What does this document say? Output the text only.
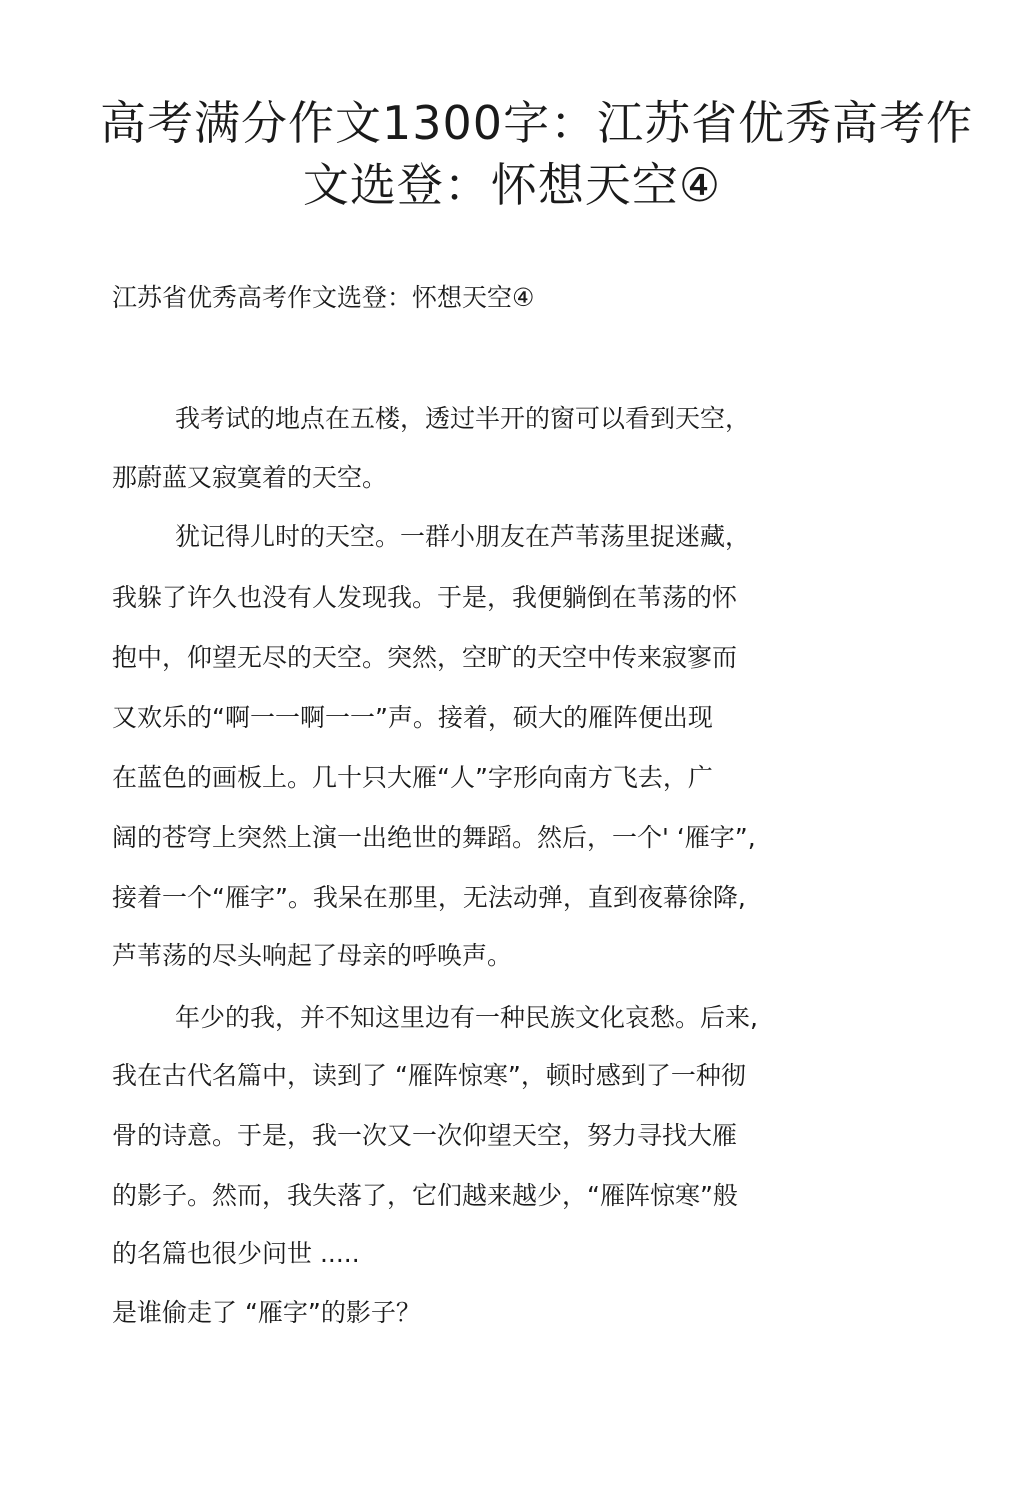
高考满分作文1300字：江苏省优秀高考作
文选登：怀想天空④

江苏省优秀高考作文选登：怀想天空④

我考试的地点在五楼，透过半开的窗可以看到天空，

那蔚蓝又寂寞着的天空。

犹记得儿时的天空。一群小朋友在芦苇荡里捉迷藏，

我躲了许久也没有人发现我。于是，我便躺倒在苇荡的怀

抱中，仰望无尽的天空。突然，空旷的天空中传来寂寥而

又欢乐的“啊一一啊一一”声。接着，硕大的雁阵便出现

在蓝色的画板上。几十只大雁“人”字形向南方飞去，广

阔的苍穹上突然上演一出绝世的舞蹈。然后，一个' ‘雁字”,

接着一个“雁字”。我呆在那里，无法动弹，直到夜幕徐降,

芦苇荡的尽头响起了母亲的呼唤声。

年少的我，并不知这里边有一种民族文化哀愁。后来,

我在古代名篇中，读到了 “雁阵惊寒”，顿时感到了一种彻

骨的诗意。于是，我一次又一次仰望天空，努力寻找大雁

的影子。然而，我失落了，它们越来越少，“雁阵惊寒”般

的名篇也很少问世 .....

是谁偷走了 “雁字”的影子？
